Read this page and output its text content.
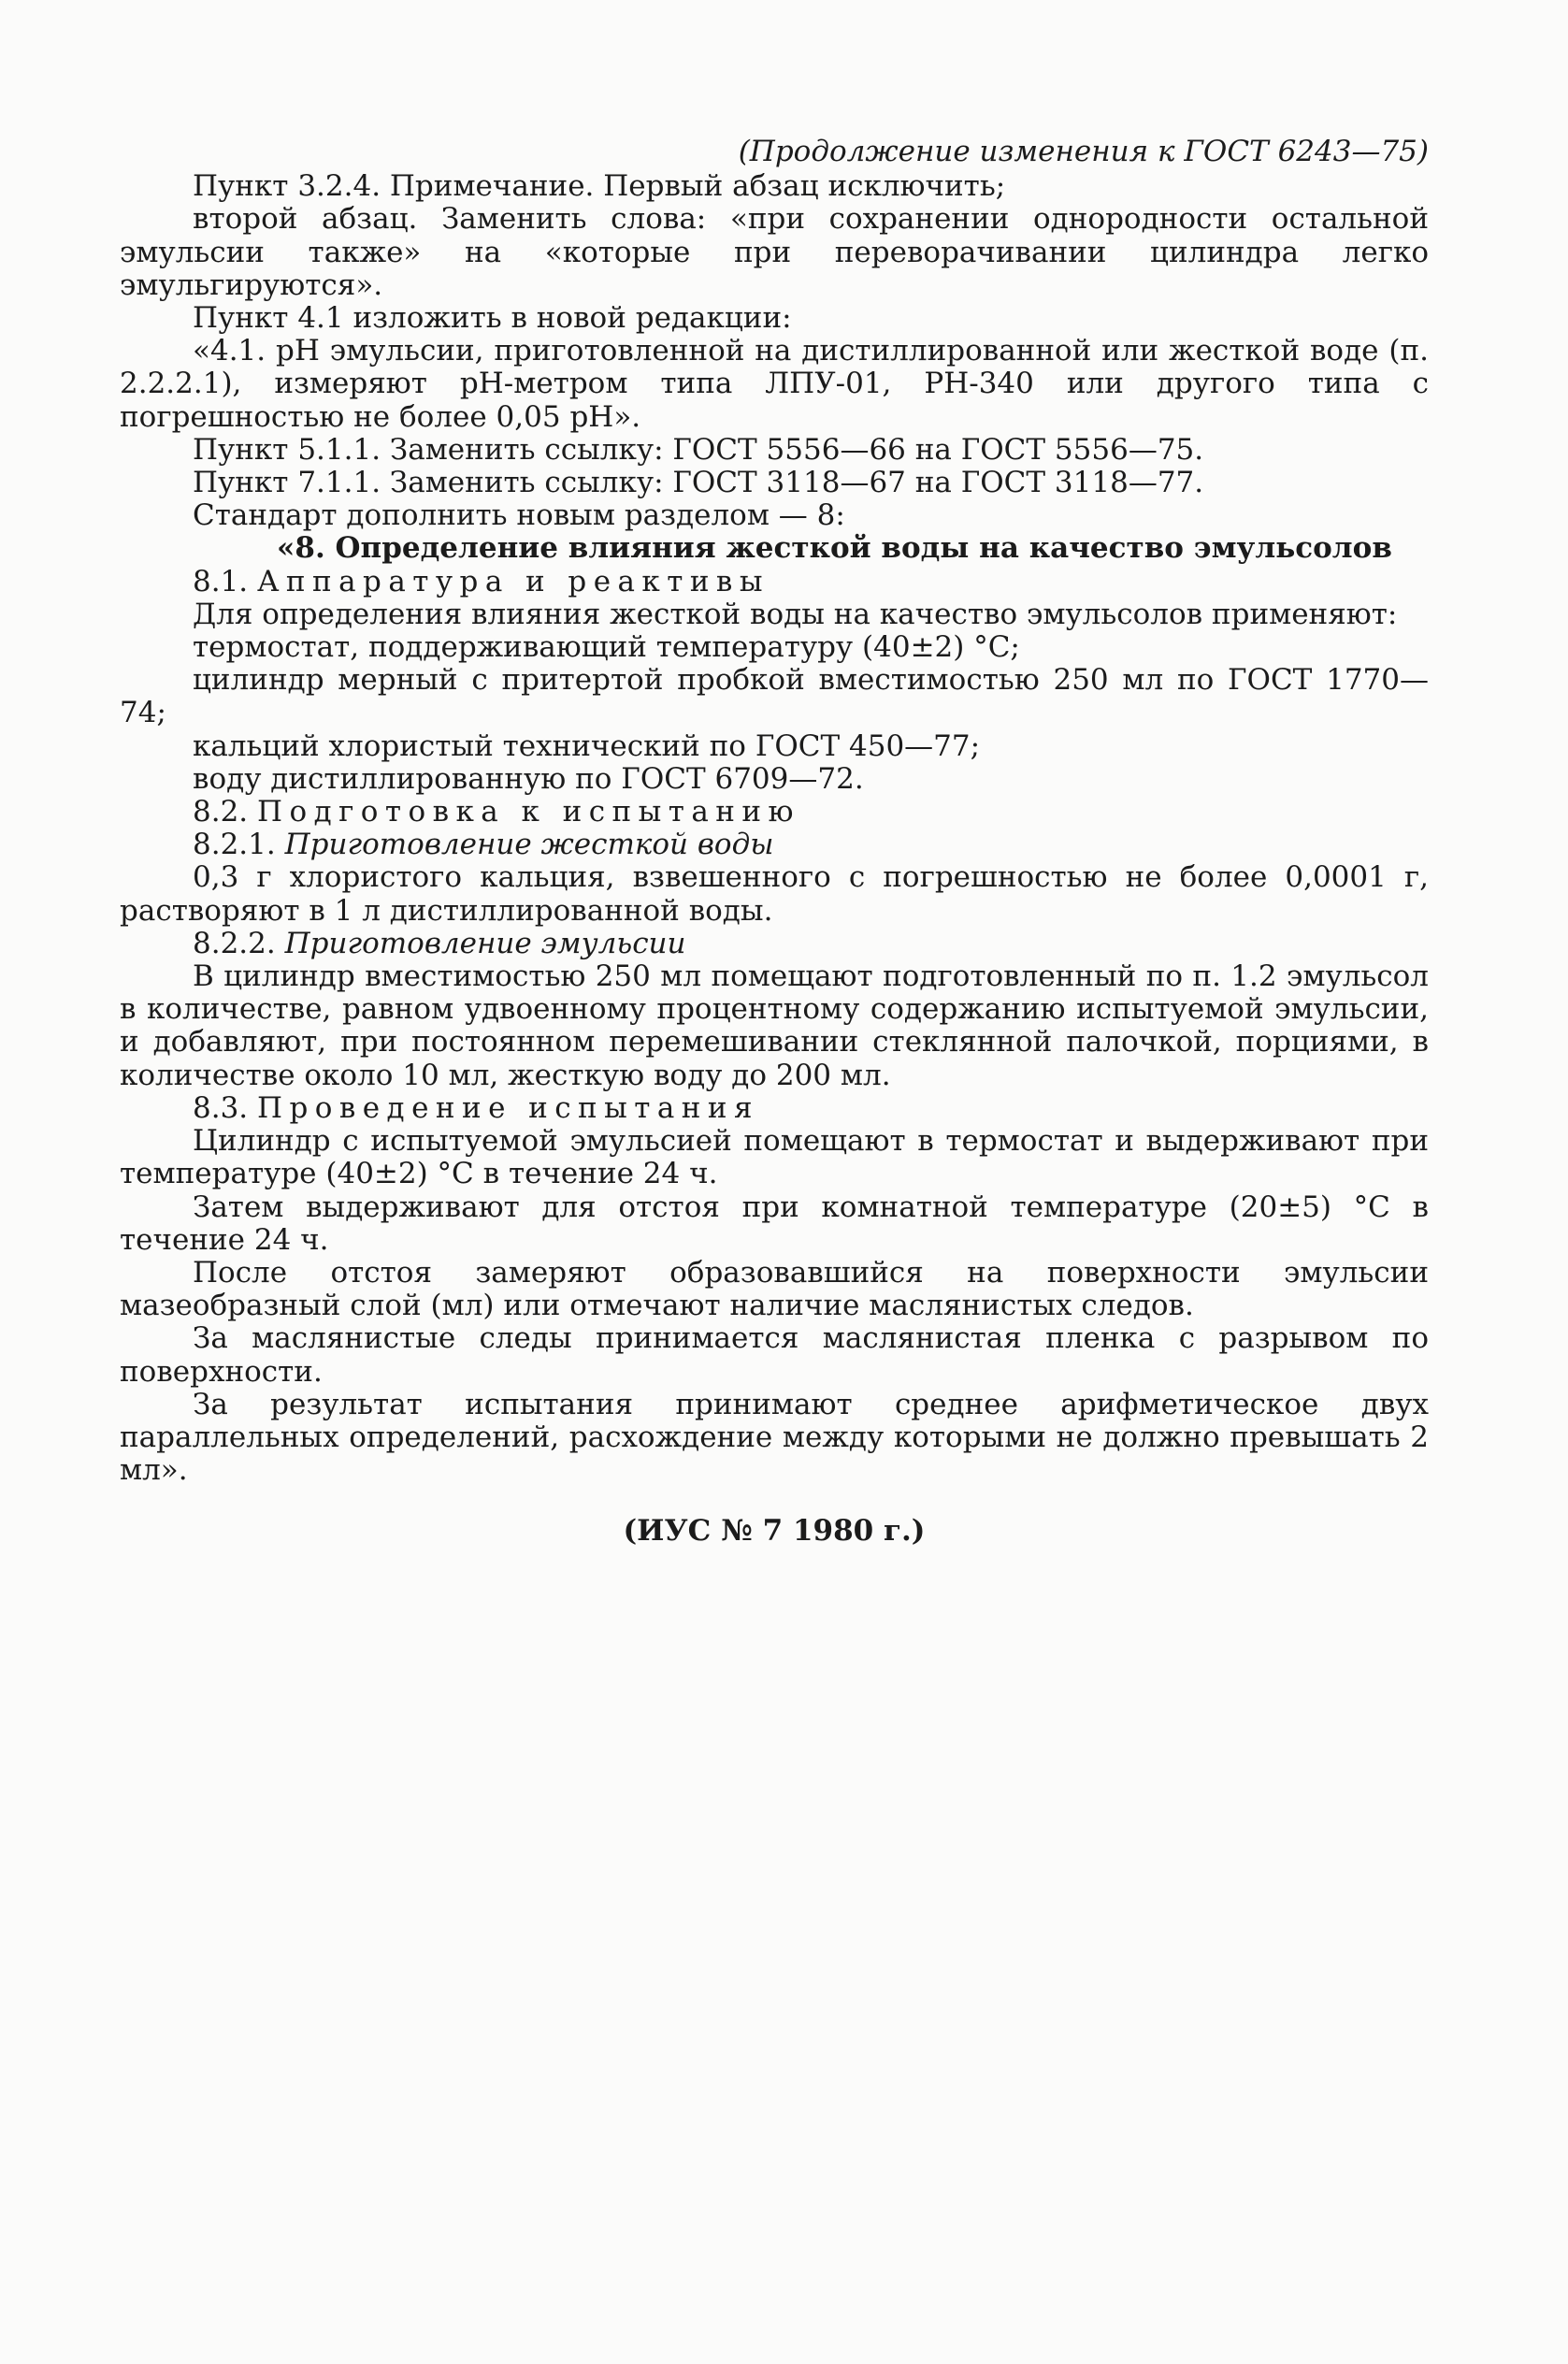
(Продолжение изменения к ГОСТ 6243—75)

Пункт 3.2.4. Примечание. Первый абзац исключить;

второй абзац. Заменить слова: «при сохранении однородности остальной эмульсии также» на «которые при переворачивании цилиндра легко эмульгируются».

Пункт 4.1 изложить в новой редакции:

«4.1. pH эмульсии, приготовленной на дистиллированной или жесткой воде (п. 2.2.2.1), измеряют pH-метром типа ЛПУ-01, РН-340 или другого типа с погрешностью не более 0,05 pH».

Пункт 5.1.1. Заменить ссылку: ГОСТ 5556—66 на ГОСТ 5556—75.

Пункт 7.1.1. Заменить ссылку: ГОСТ 3118—67 на ГОСТ 3118—77.

Стандарт дополнить новым разделом — 8:

«8. Определение влияния жесткой воды на качество эмульсолов

8.1. Аппаратура и реактивы

Для определения влияния жесткой воды на качество эмульсолов применяют:

термостат, поддерживающий температуру (40±2) °С;

цилиндр мерный с притертой пробкой вместимостью 250 мл по ГОСТ 1770—74;

кальций хлористый технический по ГОСТ 450—77;

воду дистиллированную по ГОСТ 6709—72.

8.2. Подготовка к испытанию

8.2.1. Приготовление жесткой воды

0,3 г хлористого кальция, взвешенного с погрешностью не более 0,0001 г, растворяют в 1 л дистиллированной воды.

8.2.2. Приготовление эмульсии

В цилиндр вместимостью 250 мл помещают подготовленный по п. 1.2 эмульсол в количестве, равном удвоенному процентному содержанию испытуемой эмульсии, и добавляют, при постоянном перемешивании стеклянной палочкой, порциями, в количестве около 10 мл, жесткую воду до 200 мл.

8.3. Проведение испытания

Цилиндр с испытуемой эмульсией помещают в термостат и выдерживают при температуре (40±2) °С в течение 24 ч.

Затем выдерживают для отстоя при комнатной температуре (20±5) °С в течение 24 ч.

После отстоя замеряют образовавшийся на поверхности эмульсии мазеобразный слой (мл) или отмечают наличие маслянистых следов.

За маслянистые следы принимается маслянистая пленка с разрывом по поверхности.

За результат испытания принимают среднее арифметическое двух параллельных определений, расхождение между которыми не должно превышать 2 мл».

(ИУС № 7 1980 г.)
